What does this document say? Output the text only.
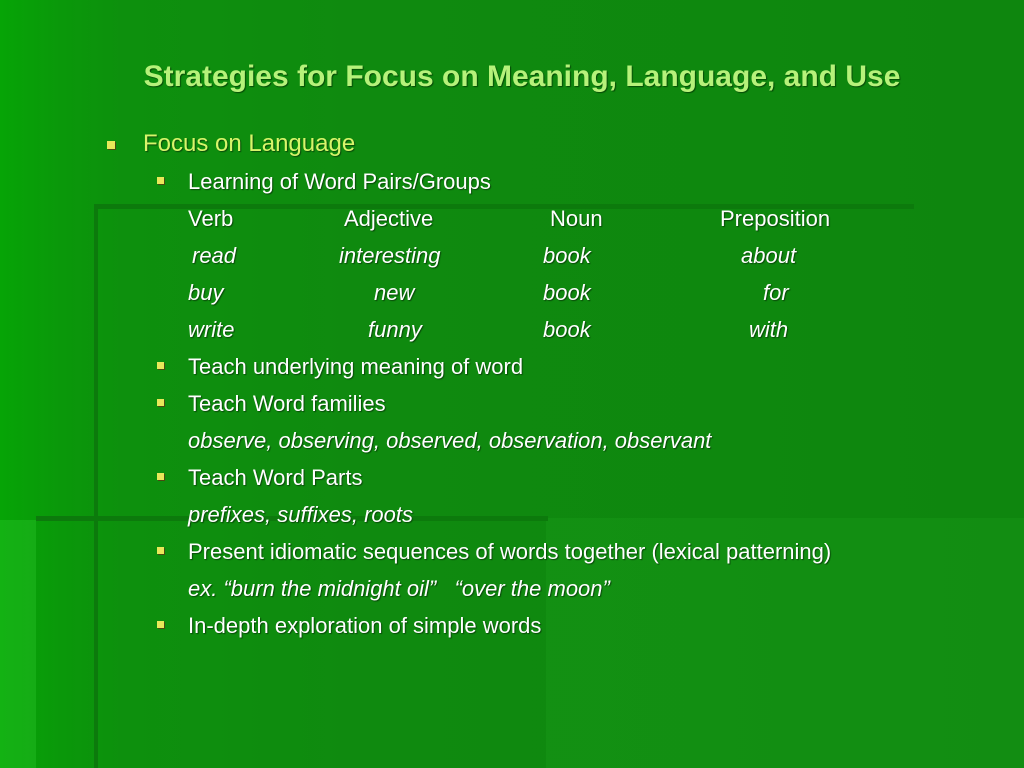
Strategies for Focus on Meaning, Language, and Use
Focus on Language
Learning of Word Pairs/Groups
Verb	Adjective	Noun	Preposition
read	interesting	book	about
buy	new	book	for
write	funny	book	with
Teach underlying meaning of word
Teach Word families
observe, observing, observed, observation, observant
Teach Word Parts
prefixes, suffixes, roots
Present idiomatic sequences of words together (lexical patterning)
ex. “burn the midnight oil”   “over the moon”
In-depth exploration of simple words
